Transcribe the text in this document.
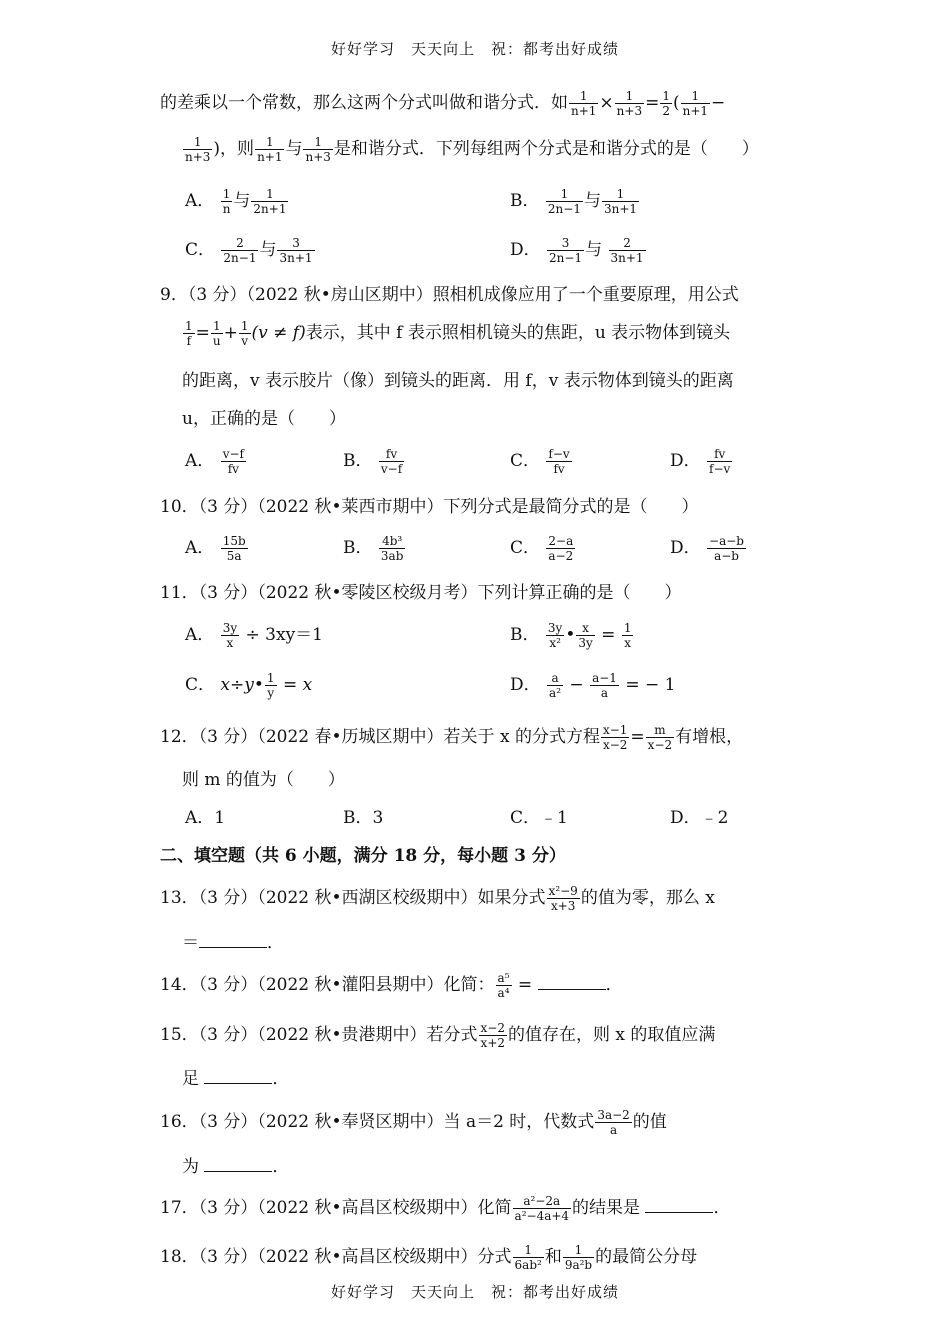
好好学习　天天向上　祝：都考出好成绩
的差乘以一个常数，那么这两个分式叫做和谐分式．如 $\frac{1}{n+1} \times \frac{1}{n+3} = \frac{1}{2}$ ( $\frac{1}{n+1}$ −
$\frac{1}{n+3}$ )，则 $\frac{1}{n+1}$ 与 $\frac{1}{n+3}$ 是和谐分式．下列每组两个分式是和谐分式的是（　　）
A． $\frac{1}{n}$ 与 $\frac{1}{2n+1}$	B． $\frac{1}{2n-1}$ 与 $\frac{1}{3n+1}$
C． $\frac{2}{2n-1}$ 与 $\frac{3}{3n+1}$	D． $\frac{3}{2n-1}$ 与 $\frac{2}{3n+1}$
9．（3 分）（2022 秋•房山区期中）照相机成像应用了一个重要原理，用公式
$\frac{1}{f} = \frac{1}{u} + \frac{1}{v} (v \ne f)$表示，其中 f 表示照相机镜头的焦距，u 表示物体到镜头
的距离，v 表示胶片（像）到镜头的距离．用 f，v 表示物体到镜头的距离
u，正确的是（　　）
A． $\frac{v-f}{fv}$	B． $\frac{fv}{v-f}$	C． $\frac{f-v}{fv}$	D． $\frac{fv}{f-v}$
10．（3 分）（2022 秋•莱西市期中）下列分式是最简分式的是（　　）
A． $\frac{15b}{5a}$	B． $\frac{\text{4b³}}{3ab}$	C． $\frac{2-a}{a-2}$	D． $\frac{-a-b}{a-b}$
11．（3 分）（2022 秋•零陵区校级月考）下列计算正确的是（　　）
A． $\frac{3y}{x} \div 3xy=1$	B． $\frac{3y}{\text{x²}}$ • $\frac{x}{3y} = \frac{1}{x}$
C． x÷y• $\frac{1}{y} = x$	D． $\frac{a}{\text{a²}} - \frac{a-1}{a}$ = − 1
12．（3 分）（2022 春•历城区期中）若关于 x 的分式方程 $\frac{x-1}{x-2} = \frac{m}{x-2}$ 有增根，
则 m 的值为（　　）
A．1	B．3	C．﹣1	D．﹣2
二、填空题（共 6 小题，满分 18 分，每小题 3 分）
13．（3 分）（2022 秋•西湖区校级期中）如果分式 $\frac{\text{x²−9}}{x+3}$ 的值为零，那么 x
＝	．
14．（3 分）（2022 秋•灌阳县期中）化简： $\frac{\text{a⁵}}{\text{a⁴}}$ =	．
15．（3 分）（2022 秋•贵港期中）若分式 $\frac{x-2}{x+2}$ 的值存在，则 x 的取值应满
足	．
16．（3 分）（2022 秋•奉贤区期中）当 a＝2 时，代数式 $\frac{3a-2}{a}$ 的值
为	．
17．（3 分）（2022 秋•高昌区校级期中）化简 $\frac{\text{a²−2a}}{\text{a²−4a+4}}$ 的结果是	．
18．（3 分）（2022 秋•高昌区校级期中）分式 $\frac{1}{\text{6ab²}}$ 和 $\frac{1}{\text{9a²b}}$ 的最简公分母
好好学习　天天向上　祝：都考出好成绩
